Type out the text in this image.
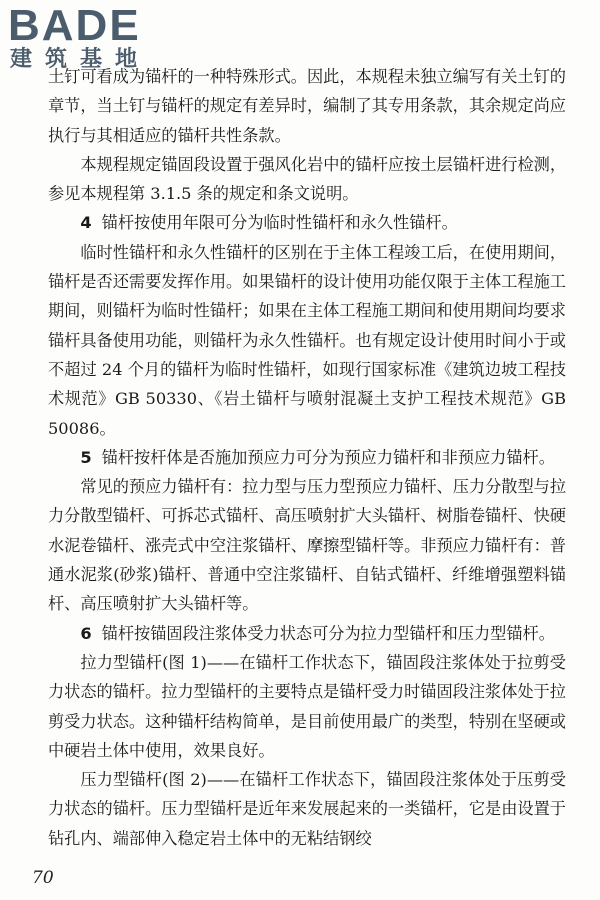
BADE
建筑基地

土钉可看成为锚杆的一种特殊形式。因此，本规程未独立编写有关土钉的章节，当土钉与锚杆的规定有差异时，编制了其专用条款，其余规定尚应执行与其相适应的锚杆共性条款。

本规程规定锚固段设置于强风化岩中的锚杆应按土层锚杆进行检测，参见本规程第 3.1.5 条的规定和条文说明。

4 锚杆按使用年限可分为临时性锚杆和永久性锚杆。

临时性锚杆和永久性锚杆的区别在于主体工程竣工后，在使用期间，锚杆是否还需要发挥作用。如果锚杆的设计使用功能仅限于主体工程施工期间，则锚杆为临时性锚杆；如果在主体工程施工期间和使用期间均要求锚杆具备使用功能，则锚杆为永久性锚杆。也有规定设计使用时间小于或不超过 24 个月的锚杆为临时性锚杆，如现行国家标准《建筑边坡工程技术规范》GB 50330、《岩土锚杆与喷射混凝土支护工程技术规范》GB 50086。

5 锚杆按杆体是否施加预应力可分为预应力锚杆和非预应力锚杆。

常见的预应力锚杆有：拉力型与压力型预应力锚杆、压力分散型与拉力分散型锚杆、可拆芯式锚杆、高压喷射扩大头锚杆、树脂卷锚杆、快硬水泥卷锚杆、涨壳式中空注浆锚杆、摩擦型锚杆等。非预应力锚杆有：普通水泥浆(砂浆)锚杆、普通中空注浆锚杆、自钻式锚杆、纤维增强塑料锚杆、高压喷射扩大头锚杆等。

6 锚杆按锚固段注浆体受力状态可分为拉力型锚杆和压力型锚杆。

拉力型锚杆(图 1)——在锚杆工作状态下，锚固段注浆体处于拉剪受力状态的锚杆。拉力型锚杆的主要特点是锚杆受力时锚固段注浆体处于拉剪受力状态。这种锚杆结构简单，是目前使用最广的类型，特别在坚硬或中硬岩土体中使用，效果良好。

压力型锚杆(图 2)——在锚杆工作状态下，锚固段注浆体处于压剪受力状态的锚杆。压力型锚杆是近年来发展起来的一类锚杆，它是由设置于钻孔内、端部伸入稳定岩土体中的无粘结钢绞

70
